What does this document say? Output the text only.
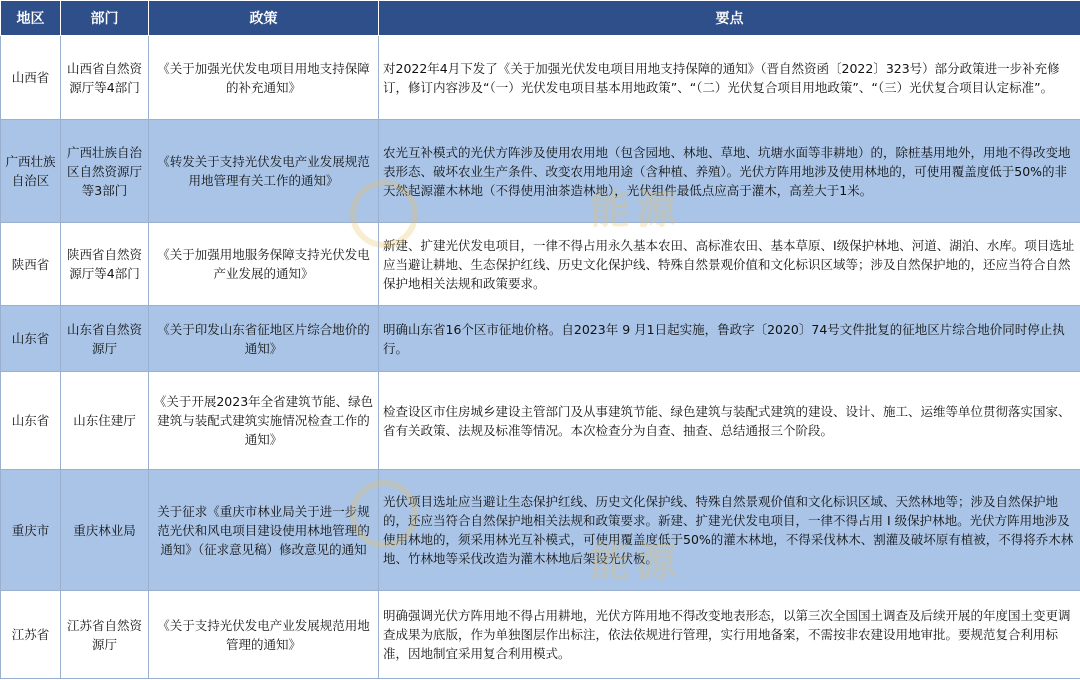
地区	部门	政策	要点
山西省	山西省自然资源厅等4部门	《关于加强光伏发电项目用地支持保障的补充通知》	对2022年4月下发了《关于加强光伏发电项目用地支持保障的通知》（晋自然资函〔2022〕323号）部分政策进一步补充修订，修订内容涉及“（一）光伏发电项目基本用地政策”、“（二）光伏复合项目用地政策”、“（三）光伏复合项目认定标准”。
广西壮族自治区	广西壮族自治区自然资源厅等3部门	《转发关于支持光伏发电产业发展规范用地管理有关工作的通知》	农光互补模式的光伏方阵涉及使用农用地（包含园地、林地、草地、坑塘水面等非耕地）的，除桩基用地外，用地不得改变地表形态、破坏农业生产条件、改变农用地用途（含种植、养殖）。光伏方阵用地涉及使用林地的，可使用覆盖度低于50%的非天然起源灌木林地（不得使用油茶造林地），光伏组件最低点应高于灌木，高差大于1米。
陕西省	陕西省自然资源厅等4部门	《关于加强用地服务保障支持光伏发电产业发展的通知》	新建、扩建光伏发电项目，一律不得占用永久基本农田、高标准农田、基本草原、I级保护林地、河道、湖泊、水库。项目选址应当避让耕地、生态保护红线、历史文化保护线、特殊自然景观价值和文化标识区域等；涉及自然保护地的，还应当符合自然保护地相关法规和政策要求。
山东省	山东省自然资源厅	《关于印发山东省征地区片综合地价的通知》	明确山东省16个区市征地价格。自2023年 9 月1日起实施，鲁政字〔2020〕74号文件批复的征地区片综合地价同时停止执行。
山东省	山东住建厅	《关于开展2023年全省建筑节能、绿色建筑与装配式建筑实施情况检查工作的通知》	检查设区市住房城乡建设主管部门及从事建筑节能、绿色建筑与装配式建筑的建设、设计、施工、运维等单位贯彻落实国家、省有关政策、法规及标准等情况。本次检查分为自查、抽查、总结通报三个阶段。
重庆市	重庆林业局	关于征求《重庆市林业局关于进一步规范光伏和风电项目建设使用林地管理的通知》（征求意见稿）修改意见的通知	光伏项目选址应当避让生态保护红线、历史文化保护线、特殊自然景观价值和文化标识区域、天然林地等；涉及自然保护地的，还应当符合自然保护地相关法规和政策要求。新建、扩建光伏发电项目，一律不得占用 I 级保护林地。光伏方阵用地涉及使用林地的，须采用林光互补模式，可使用覆盖度低于50%的灌木林地，不得采伐林木、割灌及破坏原有植被，不得将乔木林地、竹林地等采伐改造为灌木林地后架设光伏板。
江苏省	江苏省自然资源厅	《关于支持光伏发电产业发展规范用地管理的通知》	明确强调光伏方阵用地不得占用耕地，光伏方阵用地不得改变地表形态，以第三次全国国土调查及后续开展的年度国土变更调查成果为底版，作为单独图层作出标注，依法依规进行管理，实行用地备案，不需按非农建设用地审批。要规范复合利用标准，因地制宜采用复合利用模式。
能源
能源
